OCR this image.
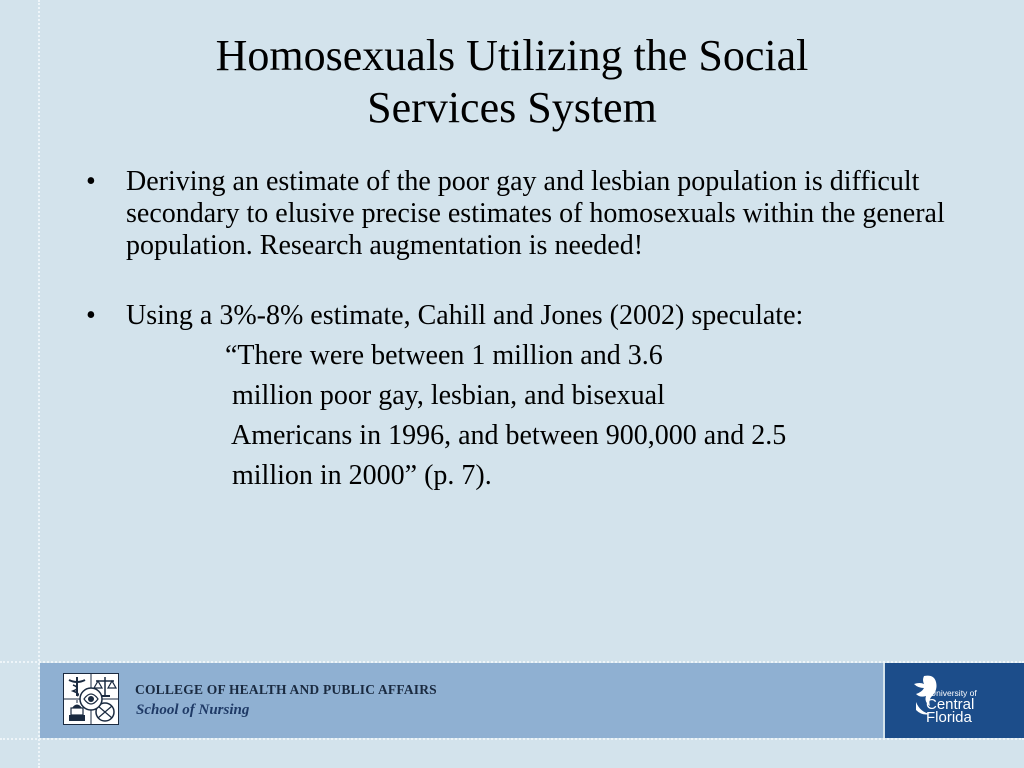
Homosexuals Utilizing the Social
Services System
• Deriving an estimate of the poor gay and lesbian population is difficult secondary to elusive precise estimates of homosexuals within the general population. Research augmentation is needed!
• Using a 3%-8% estimate, Cahill and Jones (2002) speculate:
“There were between 1 million and 3.6
million poor gay, lesbian, and bisexual
Americans in 1996, and between 900,000 and 2.5
million in 2000” (p. 7).
COLLEGE OF HEALTH AND PUBLIC AFFAIRS
School of Nursing
University of
Central
Florida
